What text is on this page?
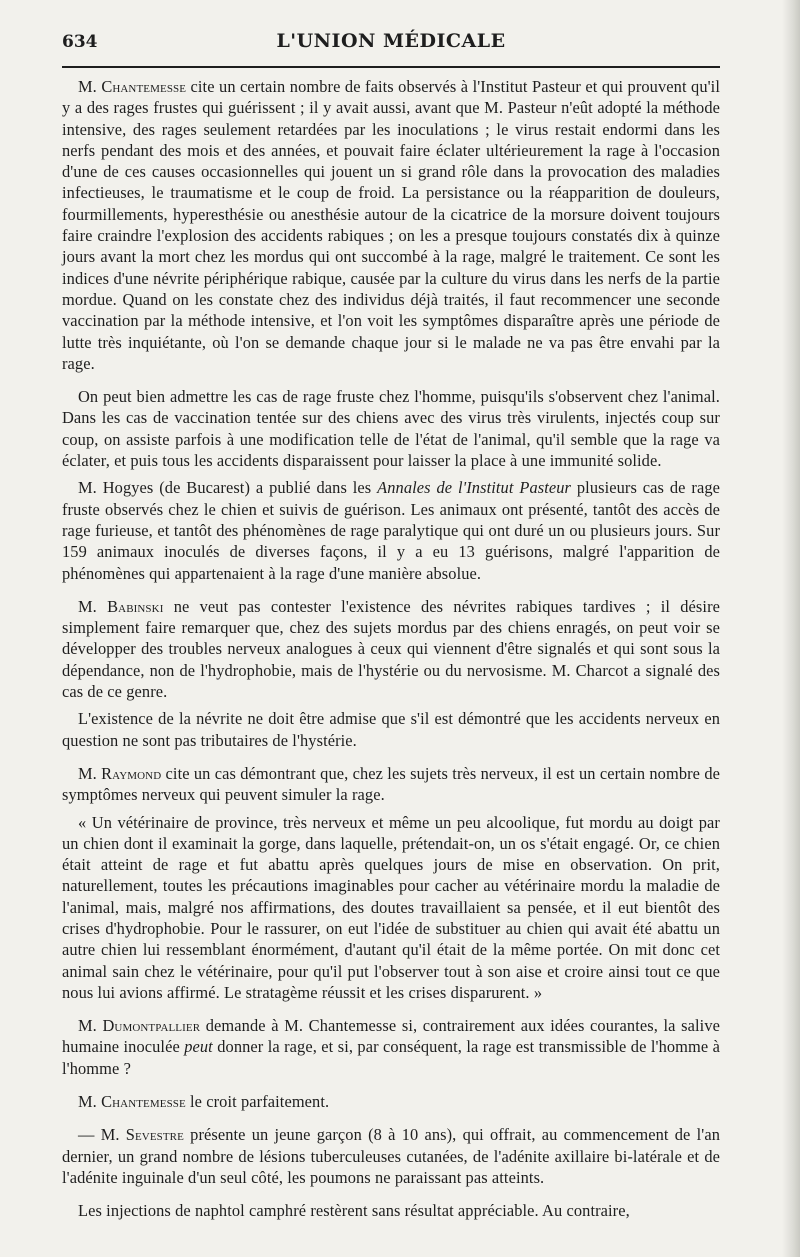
634	L'UNION MÉDICALE

M. Chantemesse cite un certain nombre de faits observés à l'Institut Pasteur et qui prouvent qu'il y a des rages frustes qui guérissent ; il y avait aussi, avant que M. Pasteur n'eût adopté la méthode intensive, des rages seulement retardées par les inoculations ; le virus restait endormi dans les nerfs pendant des mois et des années, et pouvait faire éclater ultérieurement la rage à l'occasion d'une de ces causes occasionnelles qui jouent un si grand rôle dans la provocation des maladies infectieuses, le traumatisme et le coup de froid. La persistance ou la réapparition de douleurs, fourmillements, hyperesthésie ou anesthésie autour de la cicatrice de la morsure doivent toujours faire craindre l'explosion des accidents rabiques ; on les a presque toujours constatés dix à quinze jours avant la mort chez les mordus qui ont succombé à la rage, malgré le traitement. Ce sont les indices d'une névrite périphérique rabique, causée par la culture du virus dans les nerfs de la partie mordue. Quand on les constate chez des individus déjà traités, il faut recommencer une seconde vaccination par la méthode intensive, et l'on voit les symptômes disparaître après une période de lutte très inquiétante, où l'on se demande chaque jour si le malade ne va pas être envahi par la rage.

On peut bien admettre les cas de rage fruste chez l'homme, puisqu'ils s'observent chez l'animal. Dans les cas de vaccination tentée sur des chiens avec des virus très virulents, injectés coup sur coup, on assiste parfois à une modification telle de l'état de l'animal, qu'il semble que la rage va éclater, et puis tous les accidents disparaissent pour laisser la place à une immunité solide.

M. Hogyes (de Bucarest) a publié dans les Annales de l'Institut Pasteur plusieurs cas de rage fruste observés chez le chien et suivis de guérison. Les animaux ont présenté, tantôt des accès de rage furieuse, et tantôt des phénomènes de rage paralytique qui ont duré un ou plusieurs jours. Sur 159 animaux inoculés de diverses façons, il y a eu 13 guérisons, malgré l'apparition de phénomènes qui appartenaient à la rage d'une manière absolue.

M. Babinski ne veut pas contester l'existence des névrites rabiques tardives ; il désire simplement faire remarquer que, chez des sujets mordus par des chiens enragés, on peut voir se développer des troubles nerveux analogues à ceux qui viennent d'être signalés et qui sont sous la dépendance, non de l'hydrophobie, mais de l'hystérie ou du nervosisme. M. Charcot a signalé des cas de ce genre.

L'existence de la névrite ne doit être admise que s'il est démontré que les accidents nerveux en question ne sont pas tributaires de l'hystérie.

M. Raymond cite un cas démontrant que, chez les sujets très nerveux, il est un certain nombre de symptômes nerveux qui peuvent simuler la rage.

« Un vétérinaire de province, très nerveux et même un peu alcoolique, fut mordu au doigt par un chien dont il examinait la gorge, dans laquelle, prétendait-on, un os s'était engagé. Or, ce chien était atteint de rage et fut abattu après quelques jours de mise en observation. On prit, naturellement, toutes les précautions imaginables pour cacher au vétérinaire mordu la maladie de l'animal, mais, malgré nos affirmations, des doutes travaillaient sa pensée, et il eut bientôt des crises d'hydrophobie. Pour le rassurer, on eut l'idée de substituer au chien qui avait été abattu un autre chien lui ressemblant énormément, d'autant qu'il était de la même portée. On mit donc cet animal sain chez le vétérinaire, pour qu'il put l'observer tout à son aise et croire ainsi tout ce que nous lui avions affirmé. Le stratagème réussit et les crises disparurent. »

M. Dumontpallier demande à M. Chantemesse si, contrairement aux idées courantes, la salive humaine inoculée peut donner la rage, et si, par conséquent, la rage est transmissible de l'homme à l'homme ?

M. Chantemesse le croit parfaitement.

— M. Sevestre présente un jeune garçon (8 à 10 ans), qui offrait, au commencement de l'an dernier, un grand nombre de lésions tuberculeuses cutanées, de l'adénite axillaire bi-latérale et de l'adénite inguinale d'un seul côté, les poumons ne paraissant pas atteints.

Les injections de naphtol camphré restèrent sans résultat appréciable. Au contraire,
